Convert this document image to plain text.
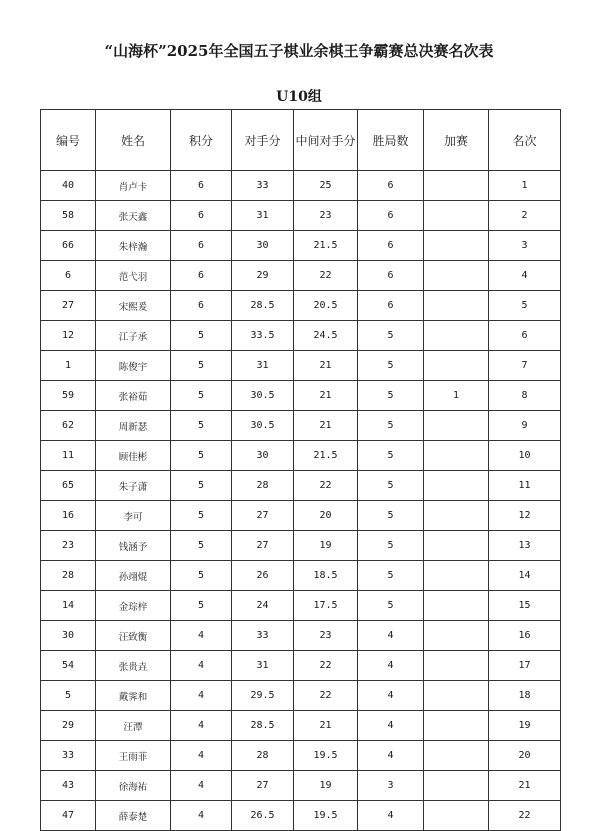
“山海杯”2025年全国五子棋业余棋王争霸赛总决赛名次表
U10组
编号	姓名	积分	对手分	中间对手分	胜局数	加赛	名次
40	肖卢卡	6	33	25	6		1
58	张天鑫	6	31	23	6		2
66	朱梓瀚	6	30	21.5	6		3
6	范弋羽	6	29	22	6		4
27	宋熙爰	6	28.5	20.5	6		5
12	江子承	5	33.5	24.5	5		6
1	陈俊宇	5	31	21	5		7
59	张裕茹	5	30.5	21	5	1	8
62	周新瑟	5	30.5	21	5		9
11	顾佳彬	5	30	21.5	5		10
65	朱子潇	5	28	22	5		11
16	李可	5	27	20	5		12
23	钱涵予	5	27	19	5		13
28	孙翊焜	5	26	18.5	5		14
14	金琮梓	5	24	17.5	5		15
30	汪致衡	4	33	23	4		16
54	张贵垚	4	31	22	4		17
5	戴霁和	4	29.5	22	4		18
29	汪潭	4	28.5	21	4		19
33	王雨菲	4	28	19.5	4		20
43	徐海祐	4	27	19	3		21
47	薛泰楚	4	26.5	19.5	4		22
